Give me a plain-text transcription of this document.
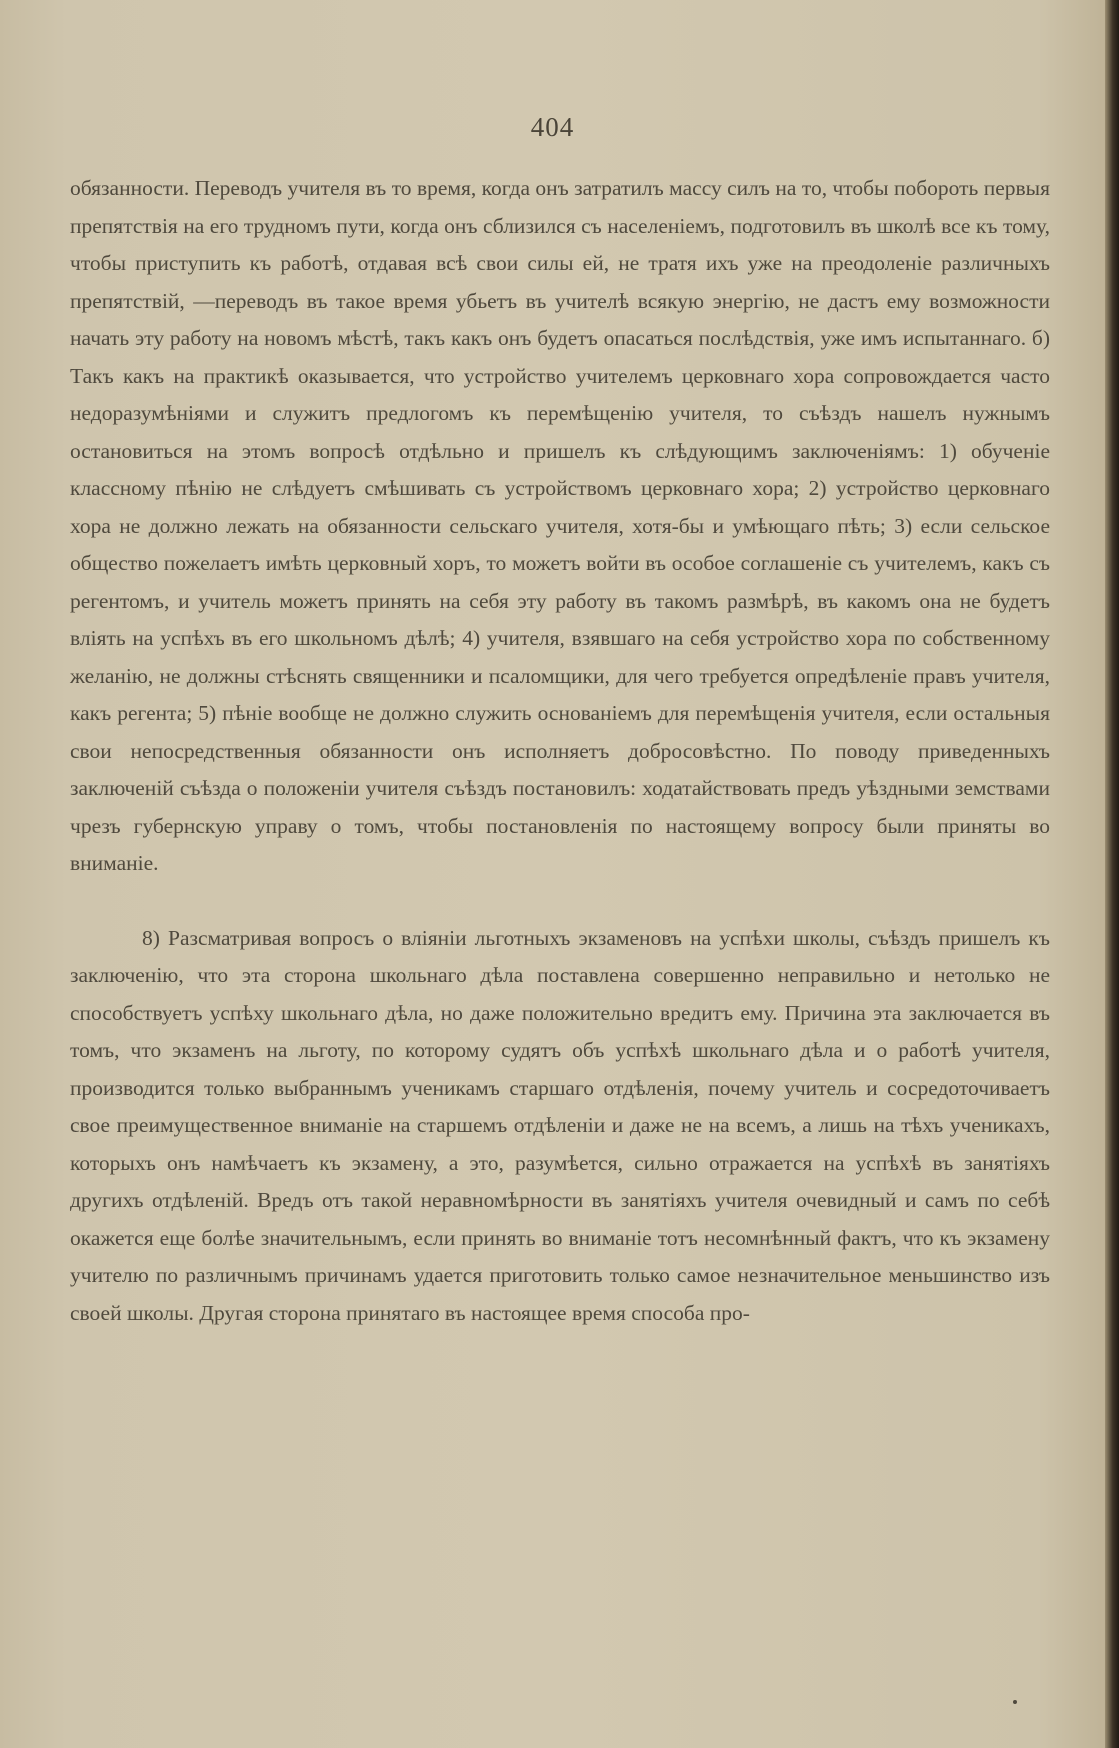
404

обязанности. Переводъ учителя въ то время, когда онъ затратилъ массу силъ на то, чтобы побороть первыя препятствія на его трудномъ пути, когда онъ сблизился съ населеніемъ, подготовилъ въ школѣ все къ тому, чтобы приступить къ работѣ, отдавая всѣ свои силы ей, не тратя ихъ уже на преодоленіе различныхъ препятствій, —переводъ въ такое время убьетъ въ учителѣ всякую энергію, не дастъ ему возможности начать эту работу на новомъ мѣстѣ, такъ какъ онъ будетъ опасаться послѣдствія, уже имъ испытаннаго. б) Такъ какъ на практикѣ оказывается, что устройство учителемъ церковнаго хора сопровождается часто недоразумѣніями и служитъ предлогомъ къ перемѣщенію учителя, то съѣздъ нашелъ нужнымъ остановиться на этомъ вопросѣ отдѣльно и пришелъ къ слѣдующимъ заключеніямъ: 1) обученіе классному пѣнію не слѣдуетъ смѣшивать съ устройствомъ церковнаго хора; 2) устройство церковнаго хора не должно лежать на обязанности сельскаго учителя, хотя-бы и умѣющаго пѣть; 3) если сельское общество пожелаетъ имѣть церковный хоръ, то можетъ войти въ особое соглашеніе съ учителемъ, какъ съ регентомъ, и учитель можетъ принять на себя эту работу въ такомъ размѣрѣ, въ какомъ она не будетъ вліять на успѣхъ въ его школьномъ дѣлѣ; 4) учителя, взявшаго на себя устройство хора по собственному желанію, не должны стѣснять священники и псаломщики, для чего требуется опредѣленіе правъ учителя, какъ регента; 5) пѣніе вообще не должно служить основаніемъ для перемѣщенія учителя, если остальныя свои непосредственныя обязанности онъ исполняетъ добросовѣстно. По поводу приведенныхъ заключеній съѣзда о положеніи учителя съѣздъ постановилъ: ходатайствовать предъ уѣздными земствами чрезъ губернскую управу о томъ, чтобы постановленія по настоящему вопросу были приняты во вниманіе.

8) Разсматривая вопросъ о вліяніи льготныхъ экзаменовъ на успѣхи школы, съѣздъ пришелъ къ заключенію, что эта сторона школьнаго дѣла поставлена совершенно неправильно и нетолько не способствуетъ успѣху школьнаго дѣла, но даже положительно вредитъ ему. Причина эта заключается въ томъ, что экзаменъ на льготу, по которому судятъ объ успѣхѣ школьнаго дѣла и о работѣ учителя, производится только выбраннымъ ученикамъ старшаго отдѣленія, почему учитель и сосредоточиваетъ свое преимущественное вниманіе на старшемъ отдѣленіи и даже не на всемъ, а лишь на тѣхъ ученикахъ, которыхъ онъ намѣчаетъ къ экзамену, а это, разумѣется, сильно отражается на успѣхѣ въ занятіяхъ другихъ отдѣленій. Вредъ отъ такой неравномѣрности въ занятіяхъ учителя очевидный и самъ по себѣ окажется еще болѣе значительнымъ, если принять во вниманіе тотъ несомнѣнный фактъ, что къ экзамену учителю по различнымъ причинамъ удается приготовить только самое незначительное меньшинство изъ своей школы. Другая сторона принятаго въ настоящее время способа про-
